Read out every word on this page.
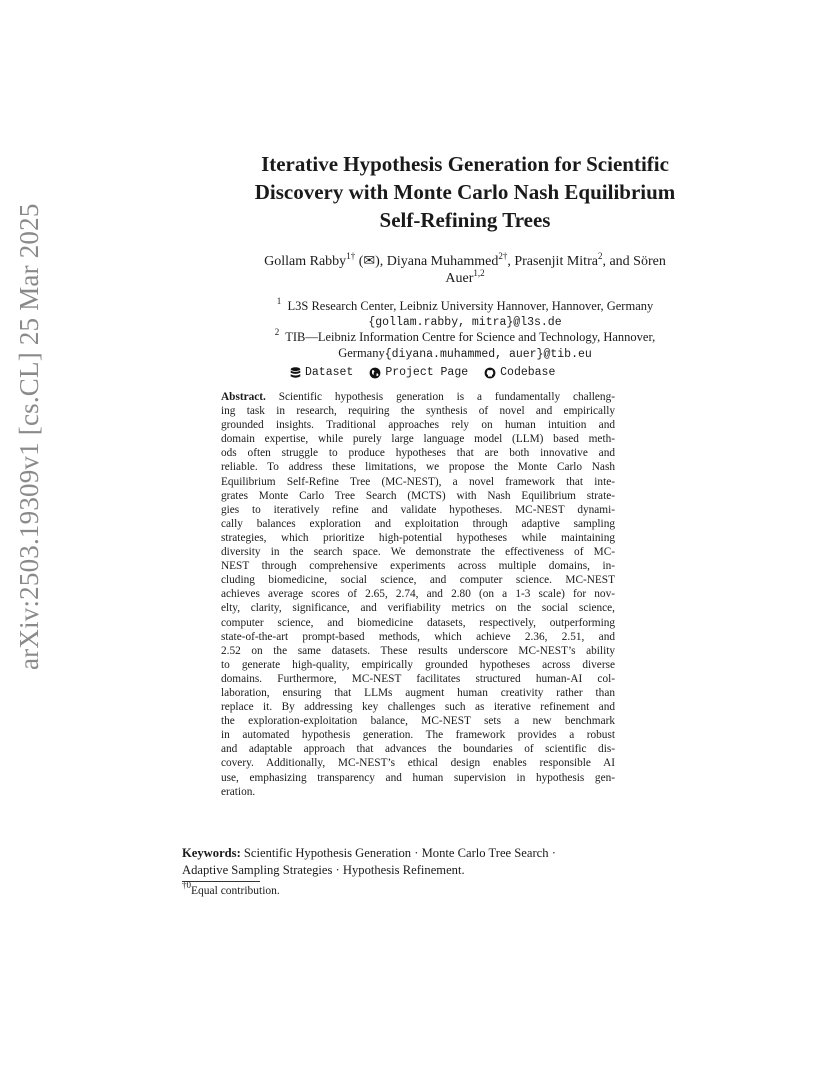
arXiv:2503.19309v1 [cs.CL] 25 Mar 2025
Iterative Hypothesis Generation for Scientific
Discovery with Monte Carlo Nash Equilibrium
Self-Refining Trees
Gollam Rabby$^{1\dagger}$ (✉), Diyana Muhammed$^{2\dagger}$, Prasenjit Mitra$^2$, and Sören
Auer$^{1,2}$
$^1$ L3S Research Center, Leibniz University Hannover, Hannover, Germany
{gollam.rabby, mitra}@l3s.de
$^2$ TIB—Leibniz Information Centre for Science and Technology, Hannover,
Germany{diyana.muhammed, auer}@tib.eu
Dataset	Project Page	Codebase
Abstract. Scientific hypothesis generation is a fundamentally challeng-
ing task in research, requiring the synthesis of novel and empirically
grounded insights. Traditional approaches rely on human intuition and
domain expertise, while purely large language model (LLM) based meth-
ods often struggle to produce hypotheses that are both innovative and
reliable. To address these limitations, we propose the Monte Carlo Nash
Equilibrium Self-Refine Tree (MC-NEST), a novel framework that inte-
grates Monte Carlo Tree Search (MCTS) with Nash Equilibrium strate-
gies to iteratively refine and validate hypotheses. MC-NEST dynami-
cally balances exploration and exploitation through adaptive sampling
strategies, which prioritize high-potential hypotheses while maintaining
diversity in the search space. We demonstrate the effectiveness of MC-
NEST through comprehensive experiments across multiple domains, in-
cluding biomedicine, social science, and computer science. MC-NEST
achieves average scores of 2.65, 2.74, and 2.80 (on a 1-3 scale) for nov-
elty, clarity, significance, and verifiability metrics on the social science,
computer science, and biomedicine datasets, respectively, outperforming
state-of-the-art prompt-based methods, which achieve 2.36, 2.51, and
2.52 on the same datasets. These results underscore MC-NEST’s ability
to generate high-quality, empirically grounded hypotheses across diverse
domains. Furthermore, MC-NEST facilitates structured human-AI col-
laboration, ensuring that LLMs augment human creativity rather than
replace it. By addressing key challenges such as iterative refinement and
the exploration-exploitation balance, MC-NEST sets a new benchmark
in automated hypothesis generation. The framework provides a robust
and adaptable approach that advances the boundaries of scientific dis-
covery. Additionally, MC-NEST’s ethical design enables responsible AI
use, emphasizing transparency and human supervision in hypothesis gen-
eration.
Keywords: Scientific Hypothesis Generation · Monte Carlo Tree Search ·
Adaptive Sampling Strategies · Hypothesis Refinement.
$^{\dagger 0}$Equal contribution.
